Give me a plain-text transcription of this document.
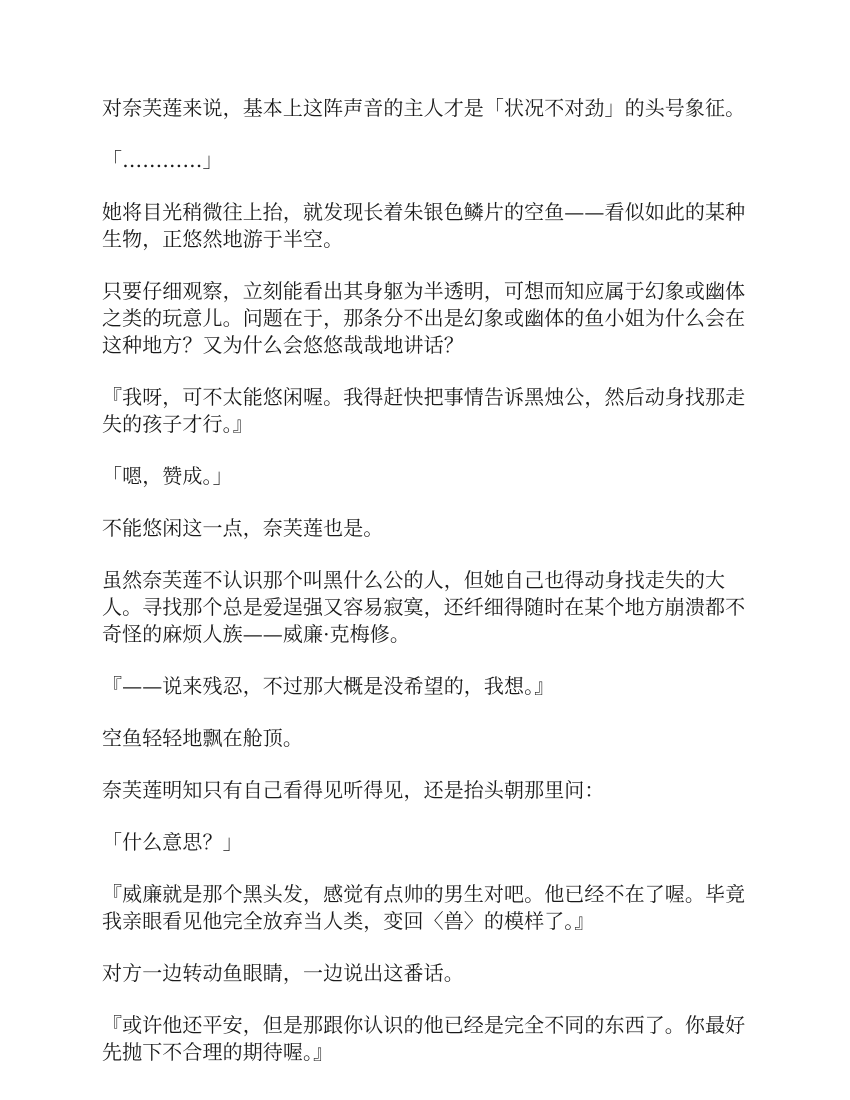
对奈芙莲来说，基本上这阵声音的主人才是「状况不对劲」的头号象征。

「…………」

她将目光稍微往上抬，就发现长着朱银色鳞片的空鱼——看似如此的某种生物，正悠然地游于半空。

只要仔细观察，立刻能看出其身躯为半透明，可想而知应属于幻象或幽体之类的玩意儿。问题在于，那条分不出是幻象或幽体的鱼小姐为什么会在这种地方？又为什么会悠悠哉哉地讲话？

『我呀，可不太能悠闲喔。我得赶快把事情告诉黑烛公，然后动身找那走失的孩子才行。』

「嗯，赞成。」

不能悠闲这一点，奈芙莲也是。

虽然奈芙莲不认识那个叫黑什么公的人，但她自己也得动身找走失的大人。寻找那个总是爱逞强又容易寂寞，还纤细得随时在某个地方崩溃都不奇怪的麻烦人族——威廉·克梅修。

『——说来残忍，不过那大概是没希望的，我想。』

空鱼轻轻地飘在舱顶。

奈芙莲明知只有自己看得见听得见，还是抬头朝那里问：

「什么意思？」

『威廉就是那个黑头发，感觉有点帅的男生对吧。他已经不在了喔。毕竟我亲眼看见他完全放弃当人类，变回〈兽〉的模样了。』

对方一边转动鱼眼睛，一边说出这番话。

『或许他还平安，但是那跟你认识的他已经是完全不同的东西了。你最好先抛下不合理的期待喔。』
